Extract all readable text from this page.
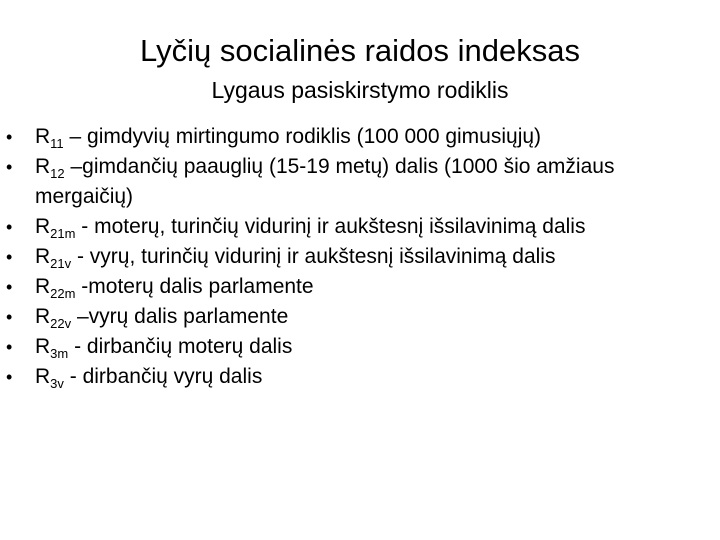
Lyčių socialinės raidos indeksas
Lygaus pasiskirstymo rodiklis
• $R_{11}$ – gimdyvių mirtingumo rodiklis (100 000 gimusiųjų)
• $R_{12}$ –gimdančių paauglių (15-19 metų) dalis (1000 šio amžiaus mergaičių)
• $R_{21m}$ - moterų, turinčių vidurinį ir aukštesnį išsilavinimą dalis
• $R_{21v}$ - vyrų, turinčių vidurinį ir aukštesnį išsilavinimą dalis
• $R_{22m}$ -moterų dalis parlamente
• $R_{22v}$ –vyrų dalis parlamente
• $R_{3m}$ - dirbančių moterų dalis
• $R_{3v}$ - dirbančių vyrų dalis
